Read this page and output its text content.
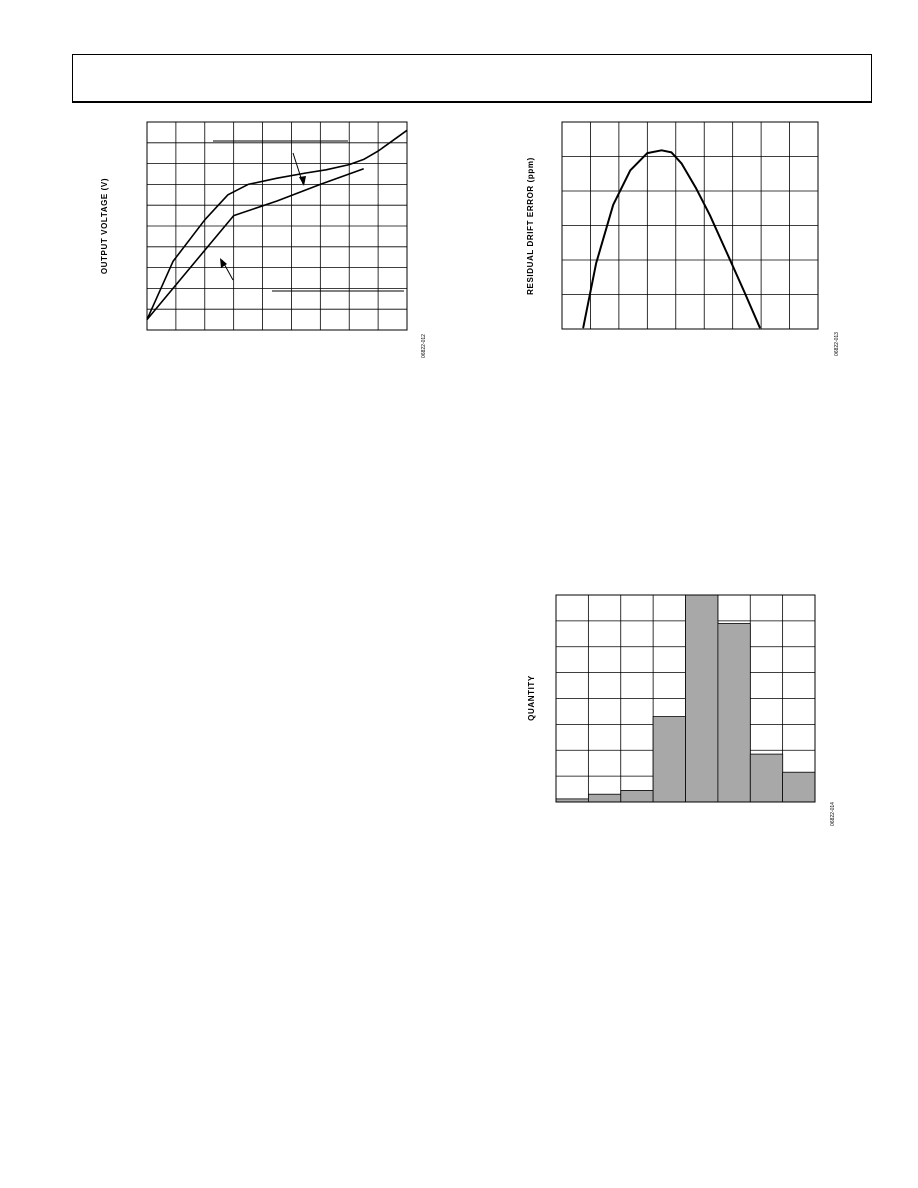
OUTPUT VOLTAGE (V)
06822-012
RESIDUAL DRIFT ERROR (ppm)
06822-013
QUANTITY
06822-014
